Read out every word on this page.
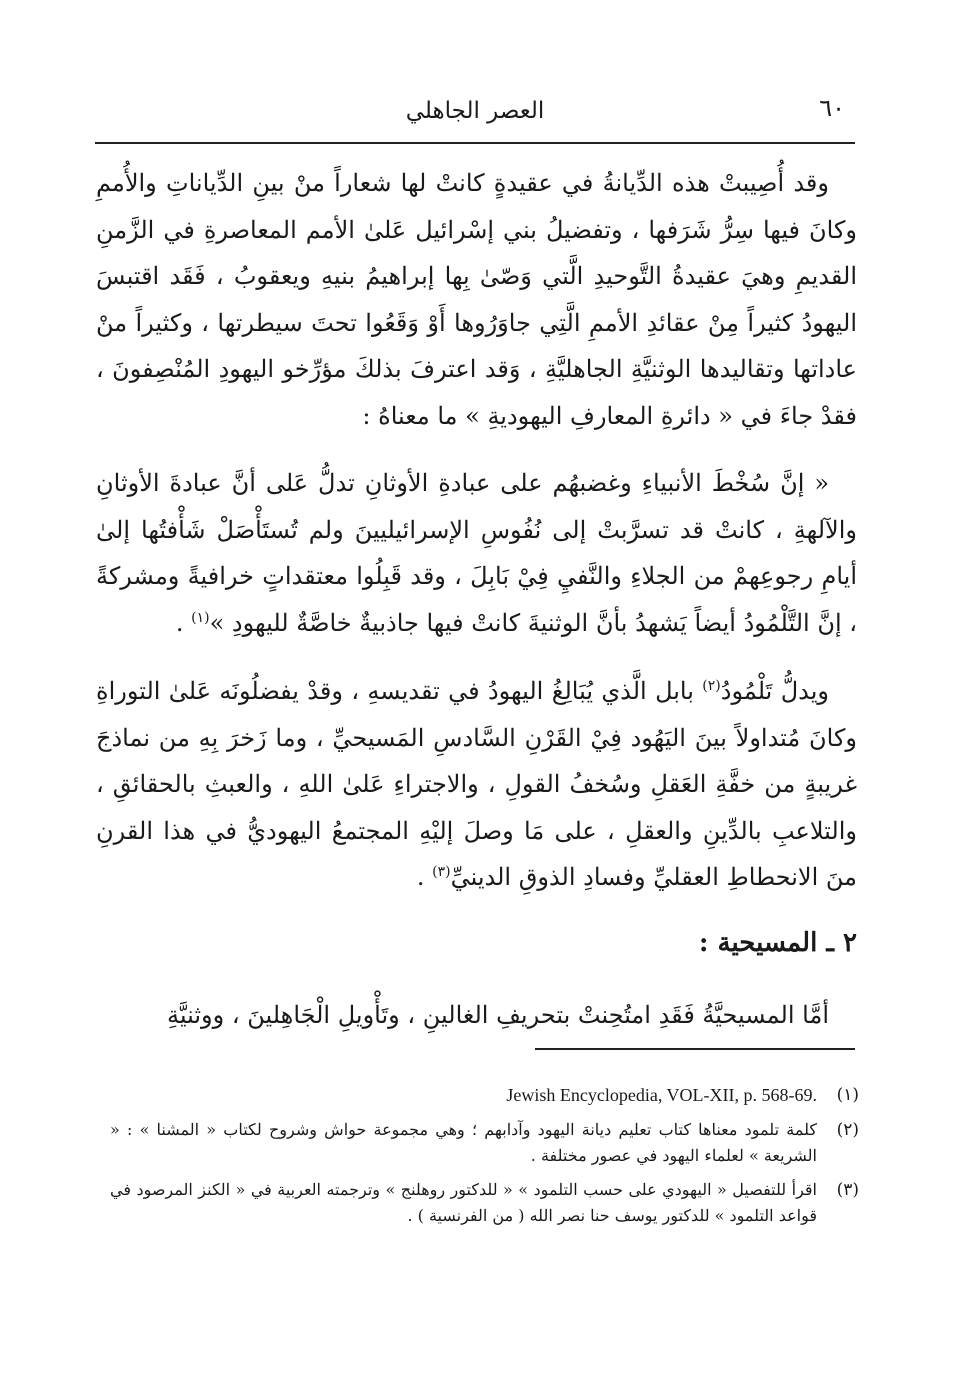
٦٠
العصر الجاهلي

وقد أُصِيبتْ هذه الدِّيانةُ في عقيدةٍ كانتْ لها شعاراً منْ بينِ الدِّياناتِ والأُممِ وكانَ فيها سِرُّ شَرَفها ، وتفضيلُ بني إسْرائيل عَلىٰ الأمم المعاصرةِ في الزَّمنِ القديمِ وهيَ عقيدةُ التَّوحيدِ الَّتي وَصّىٰ بِها إبراهيمُ بنيهِ ويعقوبُ ، فَقَد اقتبسَ اليهودُ كثيراً مِنْ عقائدِ الأممِ الَّتِي جاوَرُوها أَوْ وَقَعُوا تحتَ سيطرتها ، وكثيراً منْ عاداتها وتقاليدها الوثنيَّةِ الجاهليَّةِ ، وَقد اعترفَ بذلكَ مؤرِّخو اليهودِ المُنْصِفونَ ، فقدْ جاءَ في « دائرةِ المعارفِ اليهوديةِ » ما معناهُ :

« إنَّ سُخْطَ الأنبياءِ وغضبهُم على عبادةِ الأوثانِ تدلُّ عَلى أنَّ عبادةَ الأوثانِ والآلهةِ ، كانتْ قد تسرَّبتْ إلى نُفُوسِ الإسرائيليينَ ولم تُستَأْصَلْ شَأْفتُها إلىٰ أيامِ رجوعِهمْ من الجلاءِ والنَّفيِ فِيْ بَابِلَ ، وقد قَبِلُوا معتقداتٍ خرافيةً ومشركةً ، إنَّ التَّلْمُودُ أيضاً يَشهدُ بأنَّ الوثنيةَ كانتْ فيها جاذبيةٌ خاصَّةٌ لليهودِ »$^{(١)}$ .

ويدلُّ تَلْمُودُ$^{(٢)}$ بابل الَّذي يُبَالِغُ اليهودُ في تقديسهِ ، وقدْ يفضلُونَه عَلىٰ التوراةِ وكانَ مُتداولاً بينَ اليَهُود فِيْ القَرْنِ السَّادسِ المَسيحيِّ ، وما زَخرَ بِهِ من نماذجَ غريبةٍ من خفَّةِ العَقلِ وسُخفُ القولِ ، والاجتراءِ عَلىٰ اللهِ ، والعبثِ بالحقائقِ ، والتلاعبِ بالدِّينِ والعقلِ ، على مَا وصلَ إليْهِ المجتمعُ اليهوديُّ في هذا القرنِ منَ الانحطاطِ العقليِّ وفسادِ الذوقِ الدينيِّ$^{(٣)}$ .

٢ ـ المسيحية :

أمَّا المسيحيَّةُ فَقَدِ امتُحِنتْ بتحريفِ الغالينِ ، وتَأْويلِ الْجَاهِلينَ ، ووثنيَّةِ

(١)
Jewish Encyclopedia, VOL-XII, p. 568-69.
(٢)
كلمة تلمود معناها كتاب تعليم ديانة اليهود وآدابهم ؛ وهي مجموعة حواش وشروح لكتاب « المشنا » : « الشريعة » لعلماء اليهود في عصور مختلفة .
(٣)
اقرأ للتفصيل « اليهودي على حسب التلمود » « للدكتور روهلنج » وترجمته العربية في « الكنز المرصود في قواعد التلمود » للدكتور يوسف حنا نصر الله ( من الفرنسية ) .
